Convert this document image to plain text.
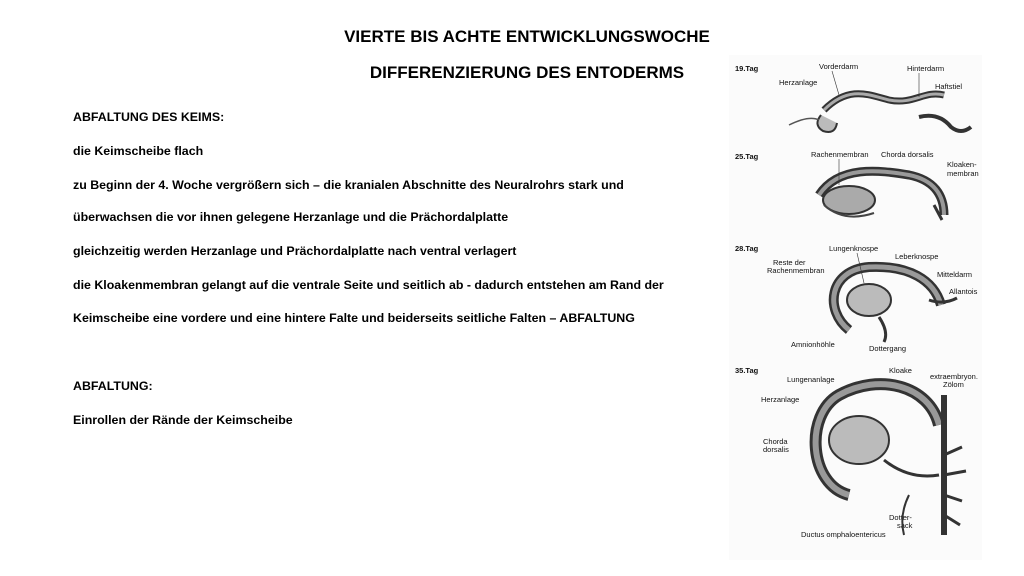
VIERTE BIS ACHTE ENTWICKLUNGSWOCHE
DIFFERENZIERUNG DES ENTODERMS
ABFALTUNG DES KEIMS:
die Keimscheibe flach
zu Beginn der 4. Woche vergrößern sich – die kranialen Abschnitte des Neuralrohrs stark und
überwachsen die vor ihnen gelegene Herzanlage und die Prächordalplatte
gleichzeitig werden Herzanlage und Prächordalplatte nach ventral verlagert
die Kloakenmembran gelangt auf die ventrale Seite und seitlich ab - dadurch entstehen am Rand der
Keimscheibe eine vordere und eine hintere Falte und beiderseits seitliche Falten – ABFALTUNG
ABFALTUNG:
Einrollen der Rände der Keimscheibe
19.Tag	Vorderdarm	Hinterdarm
Herzanlage	Haftstiel
25.Tag	Rachenmembran Chorda dorsalis
Kloaken-
membran
28.Tag	Lungenknospe
Leberknospe
Reste der
Rachenmembran	Mitteldarm
Allantois
Amnionhöhle	Dottergang
35.Tag
Lungenanlage
Kloake
extraembryon.
Zölom
Herzanlage
Chorda
dorsalis
Dotter-
sack
Ductus omphaloentericus
